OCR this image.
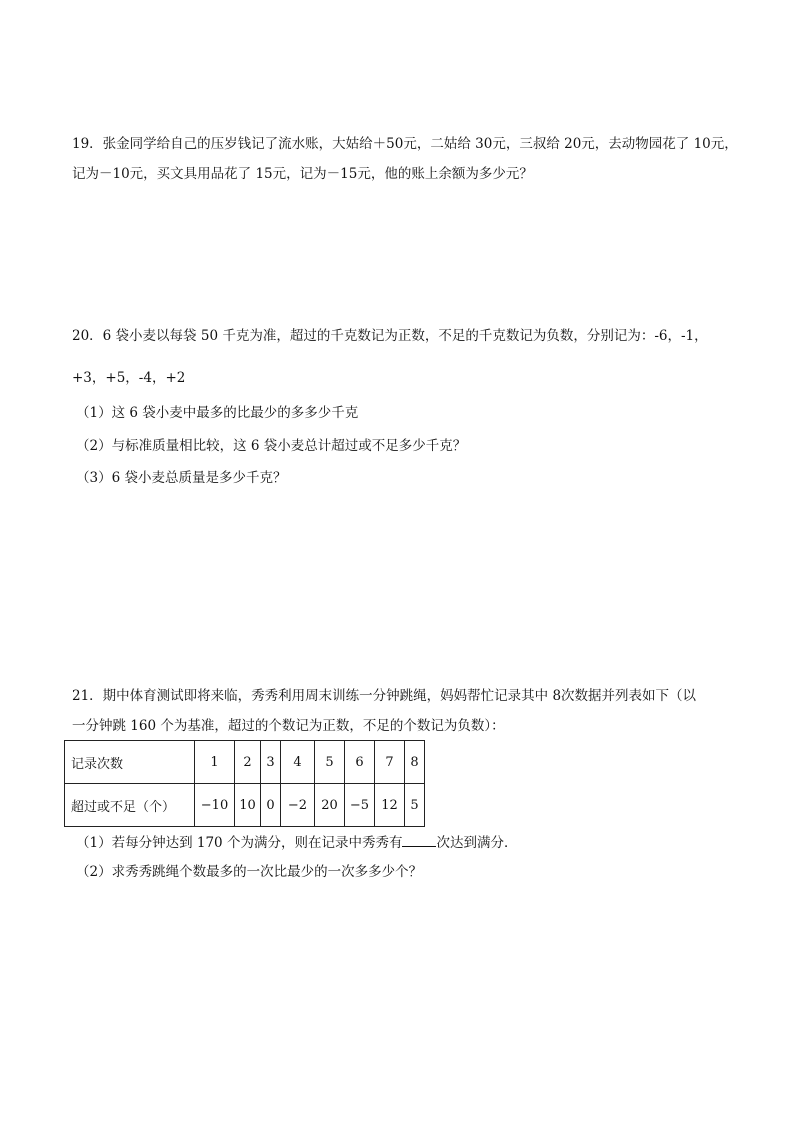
19．张金同学给自己的压岁钱记了流水账，大姑给＋50元，二姑给 30元，三叔给 20元，去动物园花了 10元，
记为－10元，买文具用品花了 15元，记为－15元，他的账上余额为多少元？
20．6 袋小麦以每袋 50 千克为准，超过的千克数记为正数，不足的千克数记为负数，分别记为：-6，-1，
+3，+5，-4，+2
（1）这 6 袋小麦中最多的比最少的多多少千克
（2）与标准质量相比较，这 6 袋小麦总计超过或不足多少千克？
（3）6 袋小麦总质量是多少千克？
21．期中体育测试即将来临，秀秀利用周末训练一分钟跳绳，妈妈帮忙记录其中 8次数据并列表如下（以
一分钟跳 160 个为基准，超过的个数记为正数，不足的个数记为负数）：
记录次数	1	2	3	4	5	6	7	8
超过或不足（个）	−10	10	0	−2	20	−5	12	5
（1）若每分钟达到 170 个为满分，则在记录中秀秀有	次达到满分．
（2）求秀秀跳绳个数最多的一次比最少的一次多多少个？
